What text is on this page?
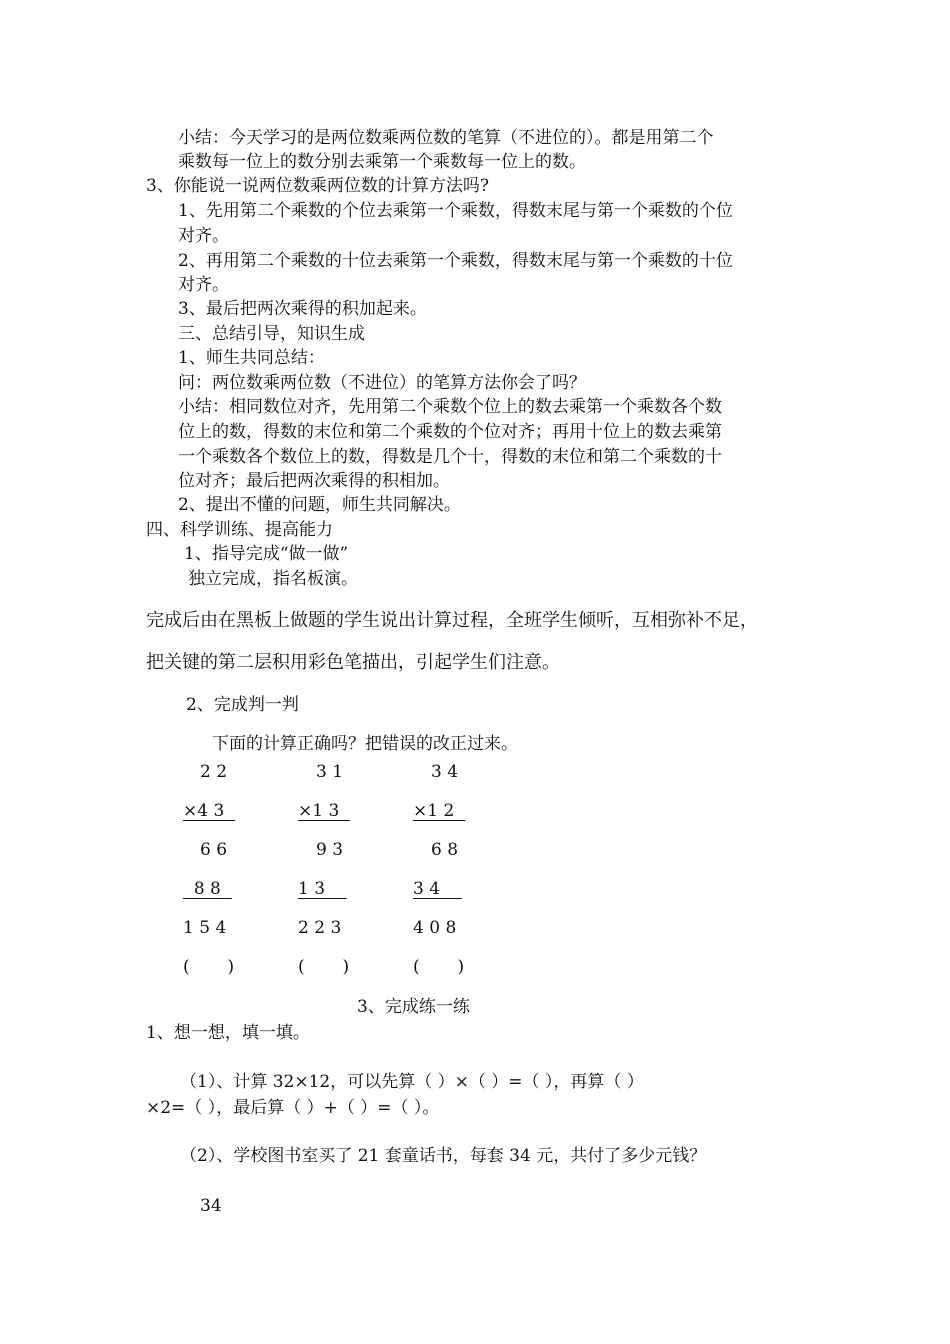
小结：今天学习的是两位数乘两位数的笔算（不进位的）。都是用第二个
乘数每一位上的数分别去乘第一个乘数每一位上的数。
3、你能说一说两位数乘两位数的计算方法吗?
1、先用第二个乘数的个位去乘第一个乘数，得数末尾与第一个乘数的个位
对齐。
2、再用第二个乘数的十位去乘第一个乘数，得数末尾与第一个乘数的十位
对齐。
3、最后把两次乘得的积加起来。
三、总结引导，知识生成
1、师生共同总结：
问：两位数乘两位数（不进位）的笔算方法你会了吗？
小结：相同数位对齐，先用第二个乘数个位上的数去乘第一个乘数各个数
位上的数，得数的末位和第二个乘数的个位对齐；再用十位上的数去乘第
一个乘数各个数位上的数，得数是几个十，得数的末位和第二个乘数的十
位对齐；最后把两次乘得的积相加。
2、提出不懂的问题，师生共同解决。
四、科学训练、提高能力
1、指导完成“做一做”
独立完成，指名板演。
完成后由在黑板上做题的学生说出计算过程，全班学生倾听，互相弥补不足，
把关键的第二层积用彩色笔描出，引起学生们注意。
2、完成判一判
下面的计算正确吗？把错误的改正过来。
2 2
×4 3
6 6
8 8
1 5 4
(       )
3 1
×1 3
9 3
1 3
2 2 3
(       )
3 4
×1 2
6 8
3 4
4 0 8
(       )
3、完成练一练
1、想一想，填一填。
（1）、计算 32×12，可以先算（ ）×（ ）=（ ），再算（ ）
×2=（ ），最后算（ ）+（ ）=（ ）。
（2）、学校图书室买了 21 套童话书，每套 34 元，共付了多少元钱？
34
